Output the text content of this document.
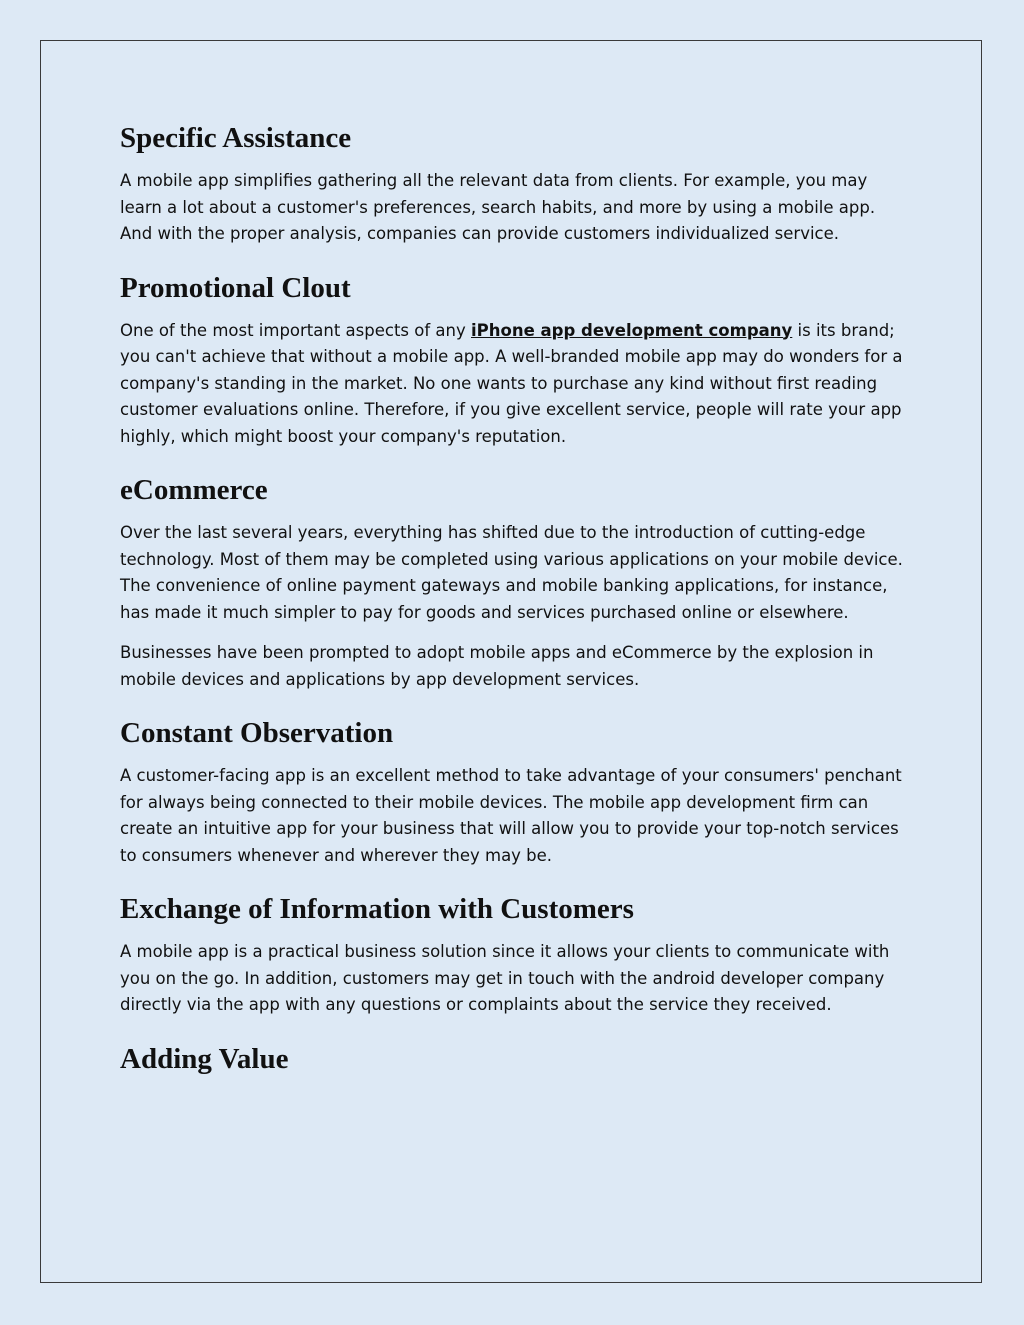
Specific Assistance

A mobile app simplifies gathering all the relevant data from clients. For example, you may learn a lot about a customer's preferences, search habits, and more by using a mobile app. And with the proper analysis, companies can provide customers individualized service.

Promotional Clout

One of the most important aspects of any iPhone app development company is its brand; you can't achieve that without a mobile app. A well-branded mobile app may do wonders for a company's standing in the market. No one wants to purchase any kind without first reading customer evaluations online. Therefore, if you give excellent service, people will rate your app highly, which might boost your company's reputation.

eCommerce

Over the last several years, everything has shifted due to the introduction of cutting-edge technology. Most of them may be completed using various applications on your mobile device. The convenience of online payment gateways and mobile banking applications, for instance, has made it much simpler to pay for goods and services purchased online or elsewhere.

Businesses have been prompted to adopt mobile apps and eCommerce by the explosion in mobile devices and applications by app development services.

Constant Observation

A customer-facing app is an excellent method to take advantage of your consumers' penchant for always being connected to their mobile devices. The mobile app development firm can create an intuitive app for your business that will allow you to provide your top-notch services to consumers whenever and wherever they may be.

Exchange of Information with Customers

A mobile app is a practical business solution since it allows your clients to communicate with you on the go. In addition, customers may get in touch with the android developer company directly via the app with any questions or complaints about the service they received.

Adding Value
